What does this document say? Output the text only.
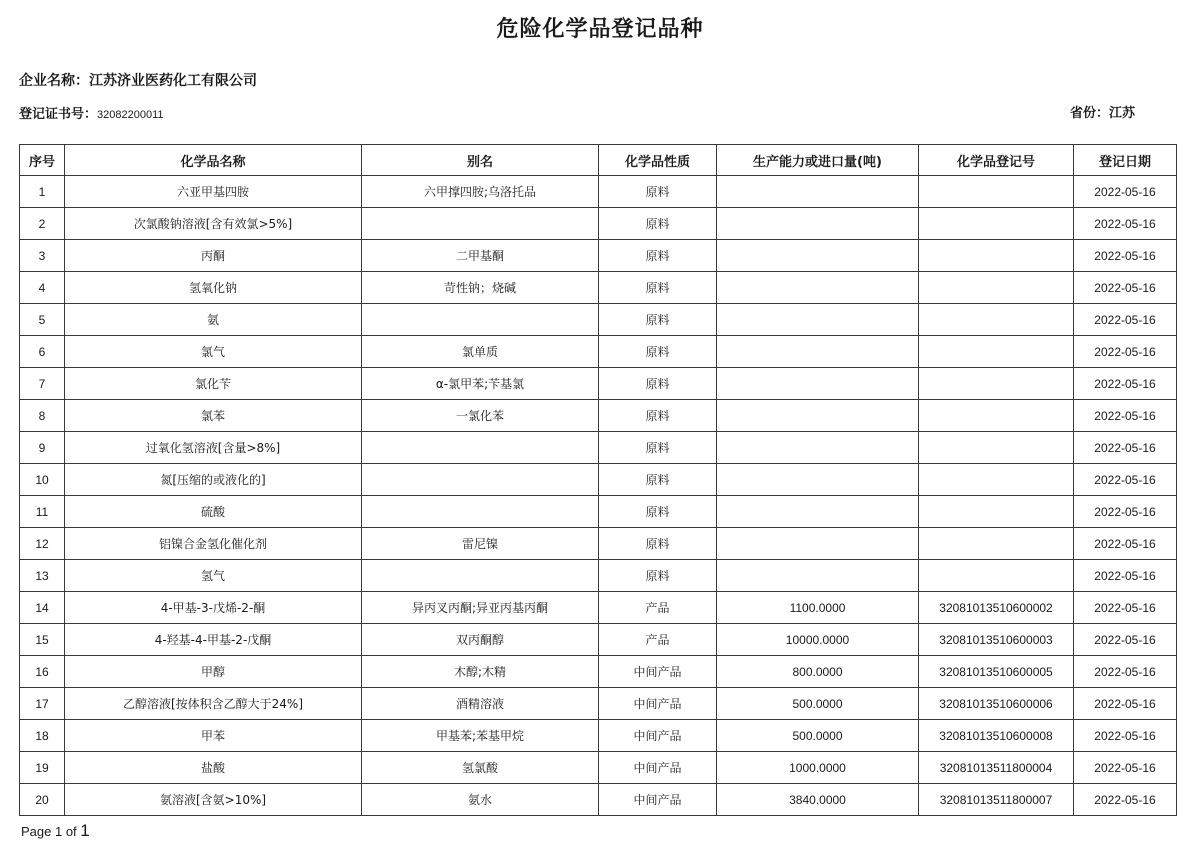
危险化学品登记品种
企业名称：江苏济业医药化工有限公司
登记证书号：32082200011	省份：江苏
序号	化学品名称	别名	化学品性质	生产能力或进口量(吨)	化学品登记号	登记日期
1	六亚甲基四胺	六甲撑四胺;乌洛托品	原料			2022-05-16
2	次氯酸钠溶液[含有效氯>5%]		原料			2022-05-16
3	丙酮	二甲基酮	原料			2022-05-16
4	氢氧化钠	苛性钠；烧碱	原料			2022-05-16
5	氨		原料			2022-05-16
6	氯气	氯单质	原料			2022-05-16
7	氯化苄	α-氯甲苯;苄基氯	原料			2022-05-16
8	氯苯	一氯化苯	原料			2022-05-16
9	过氧化氢溶液[含量>8%]		原料			2022-05-16
10	氮[压缩的或液化的]		原料			2022-05-16
11	硫酸		原料			2022-05-16
12	铝镍合金氢化催化剂	雷尼镍	原料			2022-05-16
13	氢气		原料			2022-05-16
14	4-甲基-3-戊烯-2-酮	异丙叉丙酮;异亚丙基丙酮	产品	1100.0000	32081013510600002	2022-05-16
15	4-羟基-4-甲基-2-戊酮	双丙酮醇	产品	10000.0000	32081013510600003	2022-05-16
16	甲醇	木醇;木精	中间产品	800.0000	32081013510600005	2022-05-16
17	乙醇溶液[按体积含乙醇大于24%]	酒精溶液	中间产品	500.0000	32081013510600006	2022-05-16
18	甲苯	甲基苯;苯基甲烷	中间产品	500.0000	32081013510600008	2022-05-16
19	盐酸	氢氯酸	中间产品	1000.0000	32081013511800004	2022-05-16
20	氨溶液[含氨>10%]	氨水	中间产品	3840.0000	32081013511800007	2022-05-16
Page 1 of 1
